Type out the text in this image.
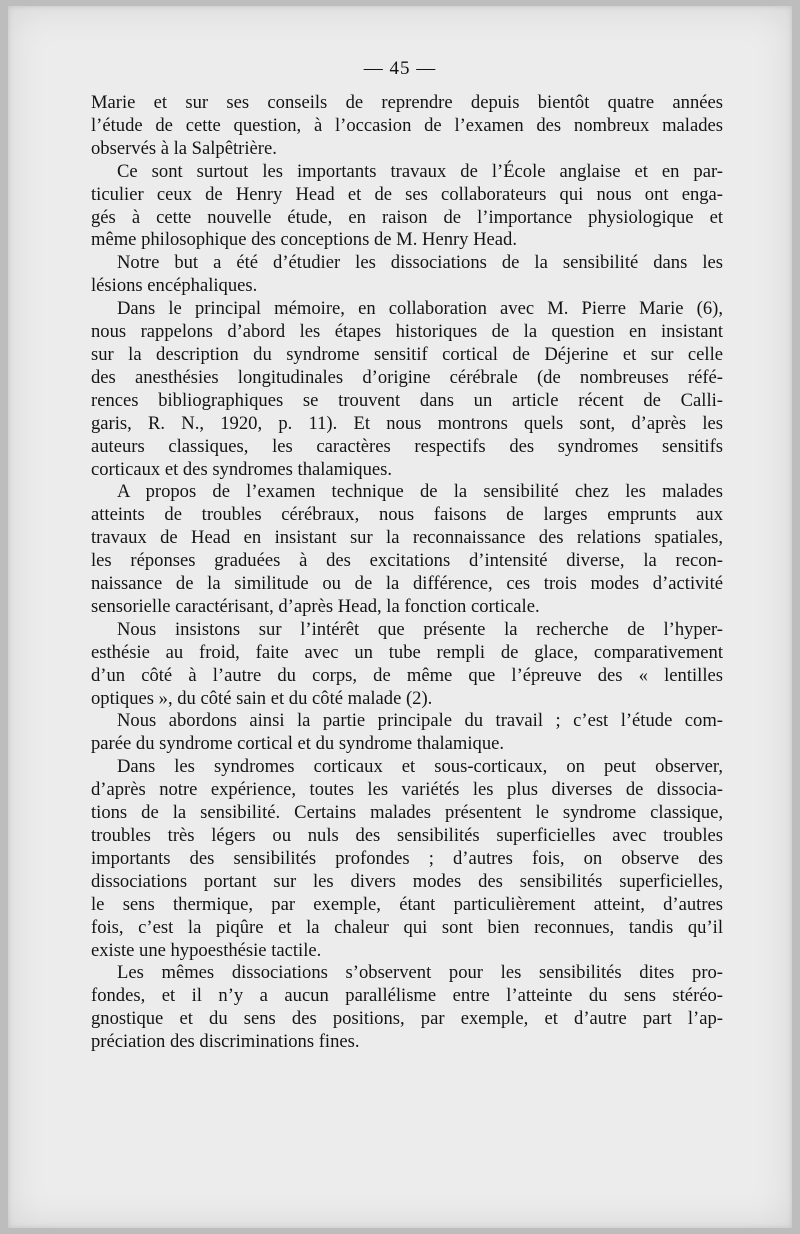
— 45 —

Marie et sur ses conseils de reprendre depuis bientôt quatre années
l’étude de cette question, à l’occasion de l’examen des nombreux malades
observés à la Salpêtrière.

Ce sont surtout les importants travaux de l’École anglaise et en par-
ticulier ceux de Henry Head et de ses collaborateurs qui nous ont enga-
gés à cette nouvelle étude, en raison de l’importance physiologique et
même philosophique des conceptions de M. Henry Head.

Notre but a été d’étudier les dissociations de la sensibilité dans les
lésions encéphaliques.

Dans le principal mémoire, en collaboration avec M. Pierre Marie (6),
nous rappelons d’abord les étapes historiques de la question en insistant
sur la description du syndrome sensitif cortical de Déjerine et sur celle
des anesthésies longitudinales d’origine cérébrale (de nombreuses réfé-
rences bibliographiques se trouvent dans un article récent de Calli-
garis, R. N., 1920, p. 11). Et nous montrons quels sont, d’après les
auteurs classiques, les caractères respectifs des syndromes sensitifs
corticaux et des syndromes thalamiques.

A propos de l’examen technique de la sensibilité chez les malades
atteints de troubles cérébraux, nous faisons de larges emprunts aux
travaux de Head en insistant sur la reconnaissance des relations spatiales,
les réponses graduées à des excitations d’intensité diverse, la recon-
naissance de la similitude ou de la différence, ces trois modes d’activité
sensorielle caractérisant, d’après Head, la fonction corticale.

Nous insistons sur l’intérêt que présente la recherche de l’hyper-
esthésie au froid, faite avec un tube rempli de glace, comparativement
d’un côté à l’autre du corps, de même que l’épreuve des « lentilles
optiques », du côté sain et du côté malade (2).

Nous abordons ainsi la partie principale du travail ; c’est l’étude com-
parée du syndrome cortical et du syndrome thalamique.

Dans les syndromes corticaux et sous-corticaux, on peut observer,
d’après notre expérience, toutes les variétés les plus diverses de dissocia-
tions de la sensibilité. Certains malades présentent le syndrome classique,
troubles très légers ou nuls des sensibilités superficielles avec troubles
importants des sensibilités profondes ; d’autres fois, on observe des
dissociations portant sur les divers modes des sensibilités superficielles,
le sens thermique, par exemple, étant particulièrement atteint, d’autres
fois, c’est la piqûre et la chaleur qui sont bien reconnues, tandis qu’il
existe une hypoesthésie tactile.

Les mêmes dissociations s’observent pour les sensibilités dites pro-
fondes, et il n’y a aucun parallélisme entre l’atteinte du sens stéréo-
gnostique et du sens des positions, par exemple, et d’autre part l’ap-
préciation des discriminations fines.
